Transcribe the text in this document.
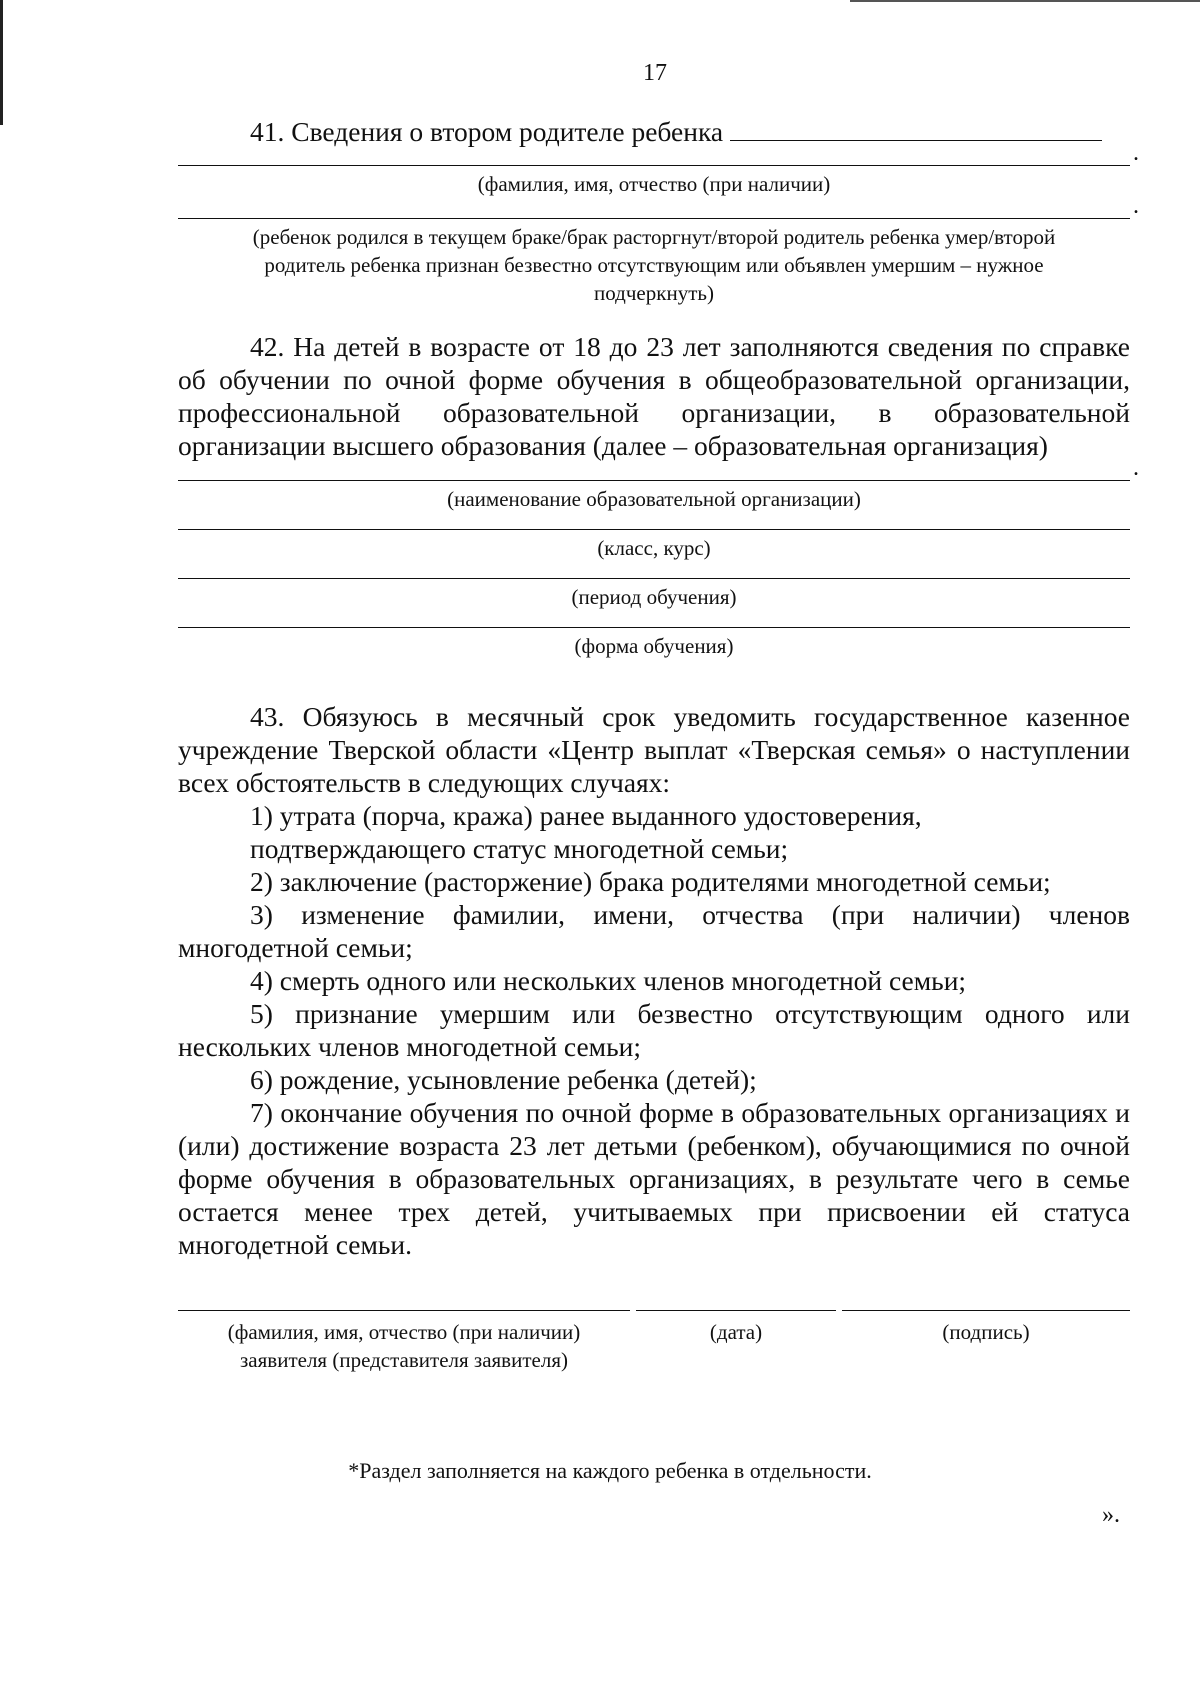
17

41. Сведения о втором родителе ребенка

.

(фамилия, имя, отчество (при наличии)

.

(ребенок родился в текущем браке/брак расторгнут/второй родитель ребенка умер/второй

родитель ребенка признан безвестно отсутствующим или объявлен умершим – нужное

подчеркнуть)

42. На детей в возрасте от 18 до 23 лет заполняются сведения по справке об обучении по очной форме обучения в общеобразовательной организации, профессиональной образовательной организации, в образовательной организации высшего образования (далее – образовательная организация)

.

(наименование образовательной организации)

(класс, курс)

(период обучения)

(форма обучения)

43. Обязуюсь в месячный срок уведомить государственное казенное учреждение Тверской области «Центр выплат «Тверская семья» о наступлении всех обстоятельств в следующих случаях:

1) утрата (порча, кража) ранее выданного удостоверения,

подтверждающего статус многодетной семьи;

2) заключение (расторжение) брака родителями многодетной семьи;

3) изменение фамилии, имени, отчества (при наличии) членов многодетной семьи;

4) смерть одного или нескольких членов многодетной семьи;

5) признание умершим или безвестно отсутствующим одного или нескольких членов многодетной семьи;

6) рождение, усыновление ребенка (детей);

7) окончание обучения по очной форме в образовательных организациях и (или) достижение возраста 23 лет детьми (ребенком), обучающимися по очной форме обучения в образовательных организациях, в результате чего в семье остается менее трех детей, учитываемых при присвоении ей статуса многодетной семьи.

(фамилия, имя, отчество (при наличии)
заявителя (представителя заявителя)
(дата)	(подпись)
*Раздел заполняется на каждого ребенка в отдельности.
».
